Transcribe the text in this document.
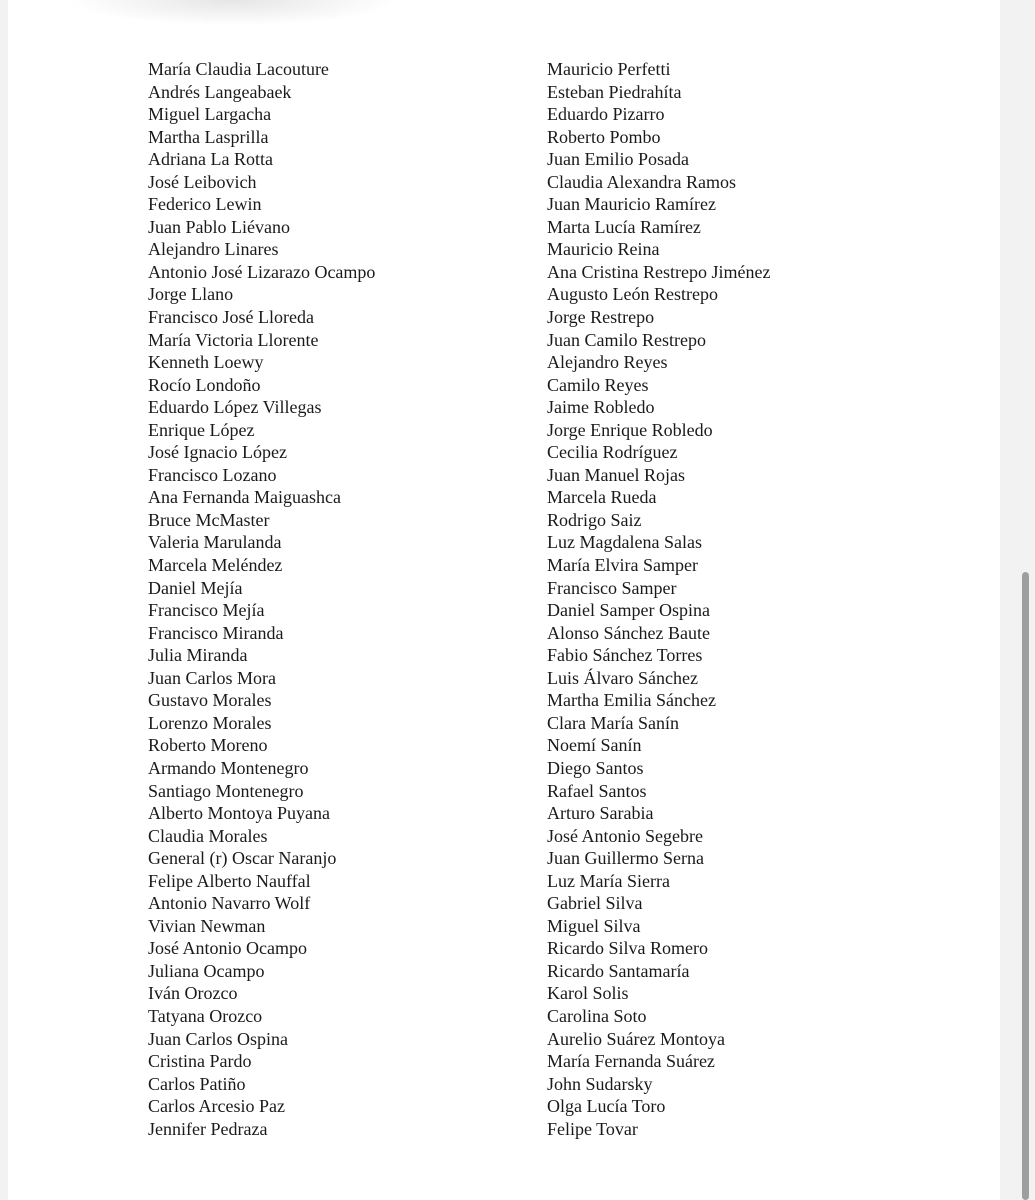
María Claudia Lacouture
Andrés Langeabaek
Miguel Largacha
Martha Lasprilla
Adriana La Rotta
José Leibovich
Federico Lewin
Juan Pablo Liévano
Alejandro Linares
Antonio José Lizarazo Ocampo
Jorge Llano
Francisco José Lloreda
María Victoria Llorente
Kenneth Loewy
Rocío Londoño
Eduardo López Villegas
Enrique López
José Ignacio López
Francisco Lozano
Ana Fernanda Maiguashca
Bruce McMaster
Valeria Marulanda
Marcela Meléndez
Daniel Mejía
Francisco Mejía
Francisco Miranda
Julia Miranda
Juan Carlos Mora
Gustavo Morales
Lorenzo Morales
Roberto Moreno
Armando Montenegro
Santiago Montenegro
Alberto Montoya Puyana
Claudia Morales
General (r) Oscar Naranjo
Felipe Alberto Nauffal
Antonio Navarro Wolf
Vivian Newman
José Antonio Ocampo
Juliana Ocampo
Iván Orozco
Tatyana Orozco
Juan Carlos Ospina
Cristina Pardo
Carlos Patiño
Carlos Arcesio Paz
Jennifer Pedraza
Mauricio Perfetti
Esteban Piedrahíta
Eduardo Pizarro
Roberto Pombo
Juan Emilio Posada
Claudia Alexandra Ramos
Juan Mauricio Ramírez
Marta Lucía Ramírez
Mauricio Reina
Ana Cristina Restrepo Jiménez
Augusto León Restrepo
Jorge Restrepo
Juan Camilo Restrepo
Alejandro Reyes
Camilo Reyes
Jaime Robledo
Jorge Enrique Robledo
Cecilia Rodríguez
Juan Manuel Rojas
Marcela Rueda
Rodrigo Saiz
Luz Magdalena Salas
María Elvira Samper
Francisco Samper
Daniel Samper Ospina
Alonso Sánchez Baute
Fabio Sánchez Torres
Luis Álvaro Sánchez
Martha Emilia Sánchez
Clara María Sanín
Noemí Sanín
Diego Santos
Rafael Santos
Arturo Sarabia
José Antonio Segebre
Juan Guillermo Serna
Luz María Sierra
Gabriel Silva
Miguel Silva
Ricardo Silva Romero
Ricardo Santamaría
Karol Solis
Carolina Soto
Aurelio Suárez Montoya
María Fernanda Suárez
John Sudarsky
Olga Lucía Toro
Felipe Tovar
